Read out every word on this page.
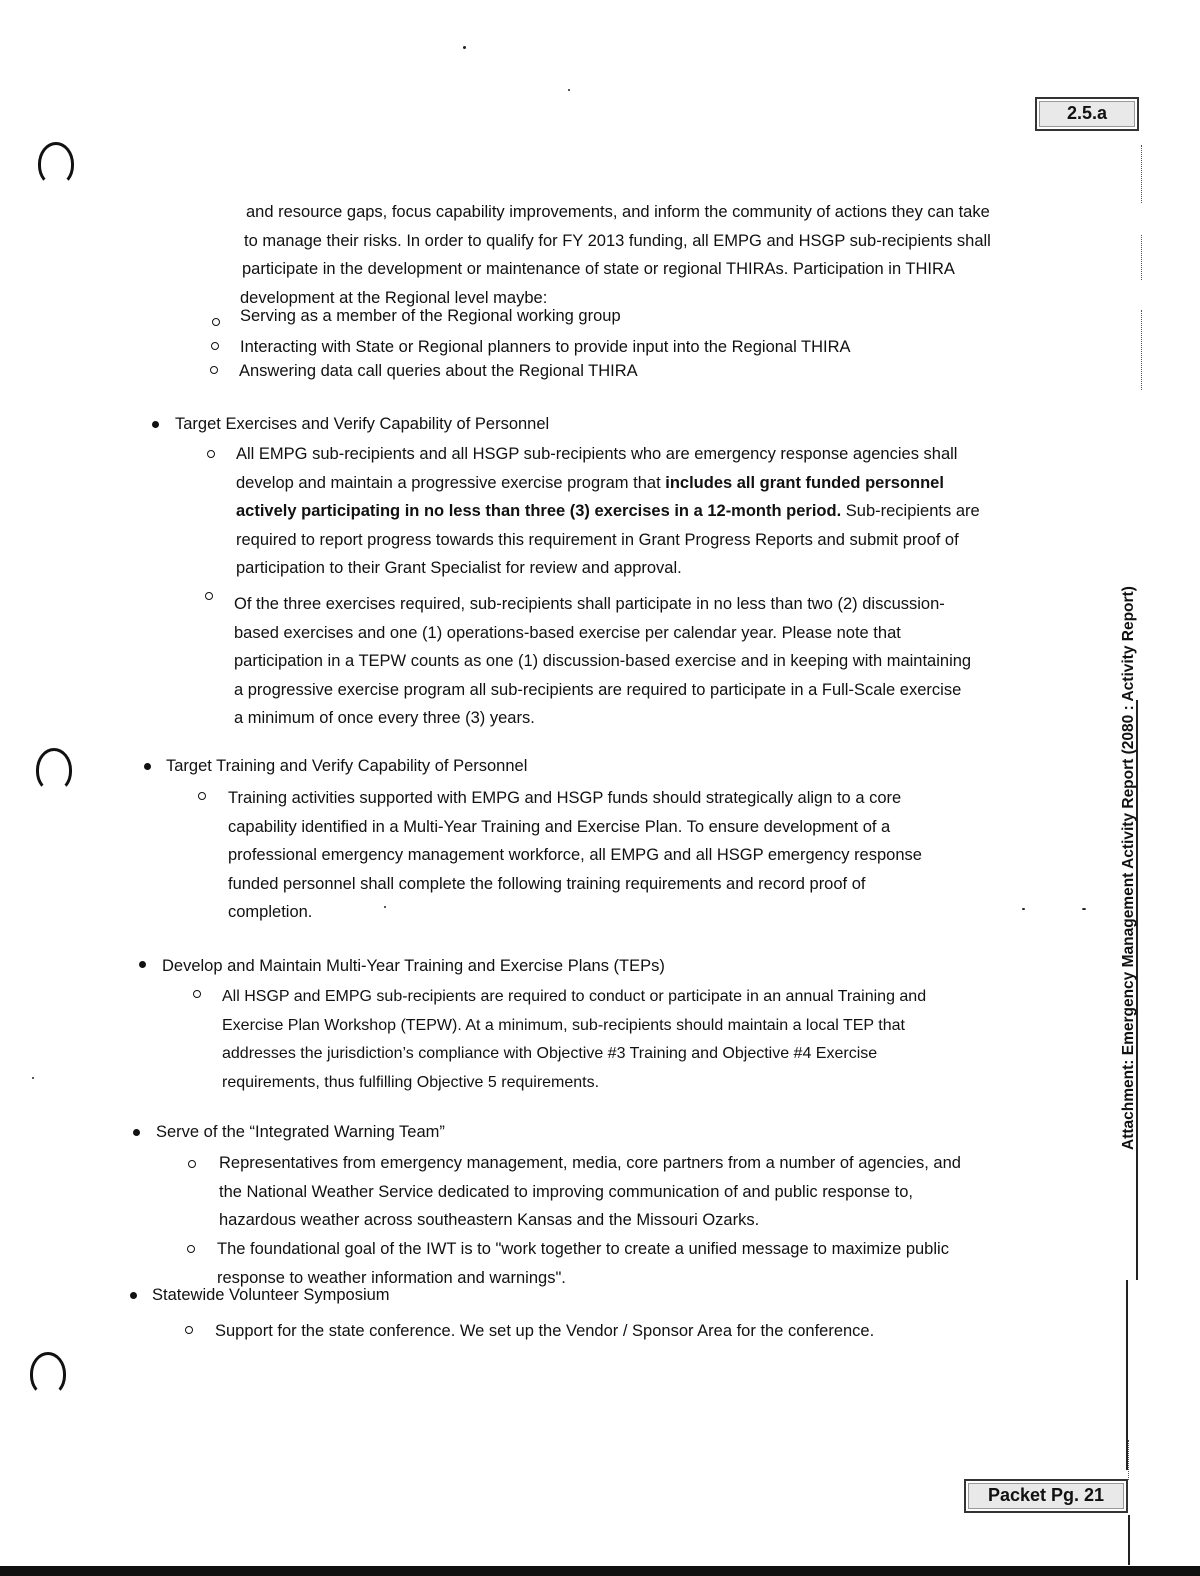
2.5.a
Attachment: Emergency Management Activity Report (2080 : Activity Report)
Packet Pg. 21

and resource gaps, focus capability improvements, and inform the community of actions they can take

to manage their risks. In order to qualify for FY 2013 funding, all EMPG and HSGP sub-recipients shall

participate in the development or maintenance of state or regional THIRAs. Participation in THIRA

development at the Regional level maybe:

Serving as a member of the Regional working group
Interacting with State or Regional planners to provide input into the Regional THIRA
Answering data call queries about the Regional THIRA
Target Exercises and Verify Capability of Personnel

All EMPG sub-recipients and all HSGP sub-recipients who are emergency response agencies shall

develop and maintain a progressive exercise program that includes all grant funded personnel

actively participating in no less than three (3) exercises in a 12-month period. Sub-recipients are

required to report progress towards this requirement in Grant Progress Reports and submit proof of

participation to their Grant Specialist for review and approval.

Of the three exercises required, sub-recipients shall participate in no less than two (2) discussion-

based exercises and one (1) operations-based exercise per calendar year. Please note that

participation in a TEPW counts as one (1) discussion-based exercise and in keeping with maintaining

a progressive exercise program all sub-recipients are required to participate in a Full-Scale exercise

a minimum of once every three (3) years.

Target Training and Verify Capability of Personnel

Training activities supported with EMPG and HSGP funds should strategically align to a core

capability identified in a Multi-Year Training and Exercise Plan. To ensure development of a

professional emergency management workforce, all EMPG and all HSGP emergency response

funded personnel shall complete the following training requirements and record proof of

completion.

Develop and Maintain Multi-Year Training and Exercise Plans (TEPs)

All HSGP and EMPG sub-recipients are required to conduct or participate in an annual Training and

Exercise Plan Workshop (TEPW). At a minimum, sub-recipients should maintain a local TEP that

addresses the jurisdiction’s compliance with Objective #3 Training and Objective #4 Exercise

requirements, thus fulfilling Objective 5 requirements.

Serve of the “Integrated Warning Team”

Representatives from emergency management, media, core partners from a number of agencies, and

the National Weather Service dedicated to improving communication of and public response to,

hazardous weather across southeastern Kansas and the Missouri Ozarks.

The foundational goal of the IWT is to "work together to create a unified message to maximize public

response to weather information and warnings".

Statewide Volunteer Symposium

Support for the state conference. We set up the Vendor / Sponsor Area for the conference.
